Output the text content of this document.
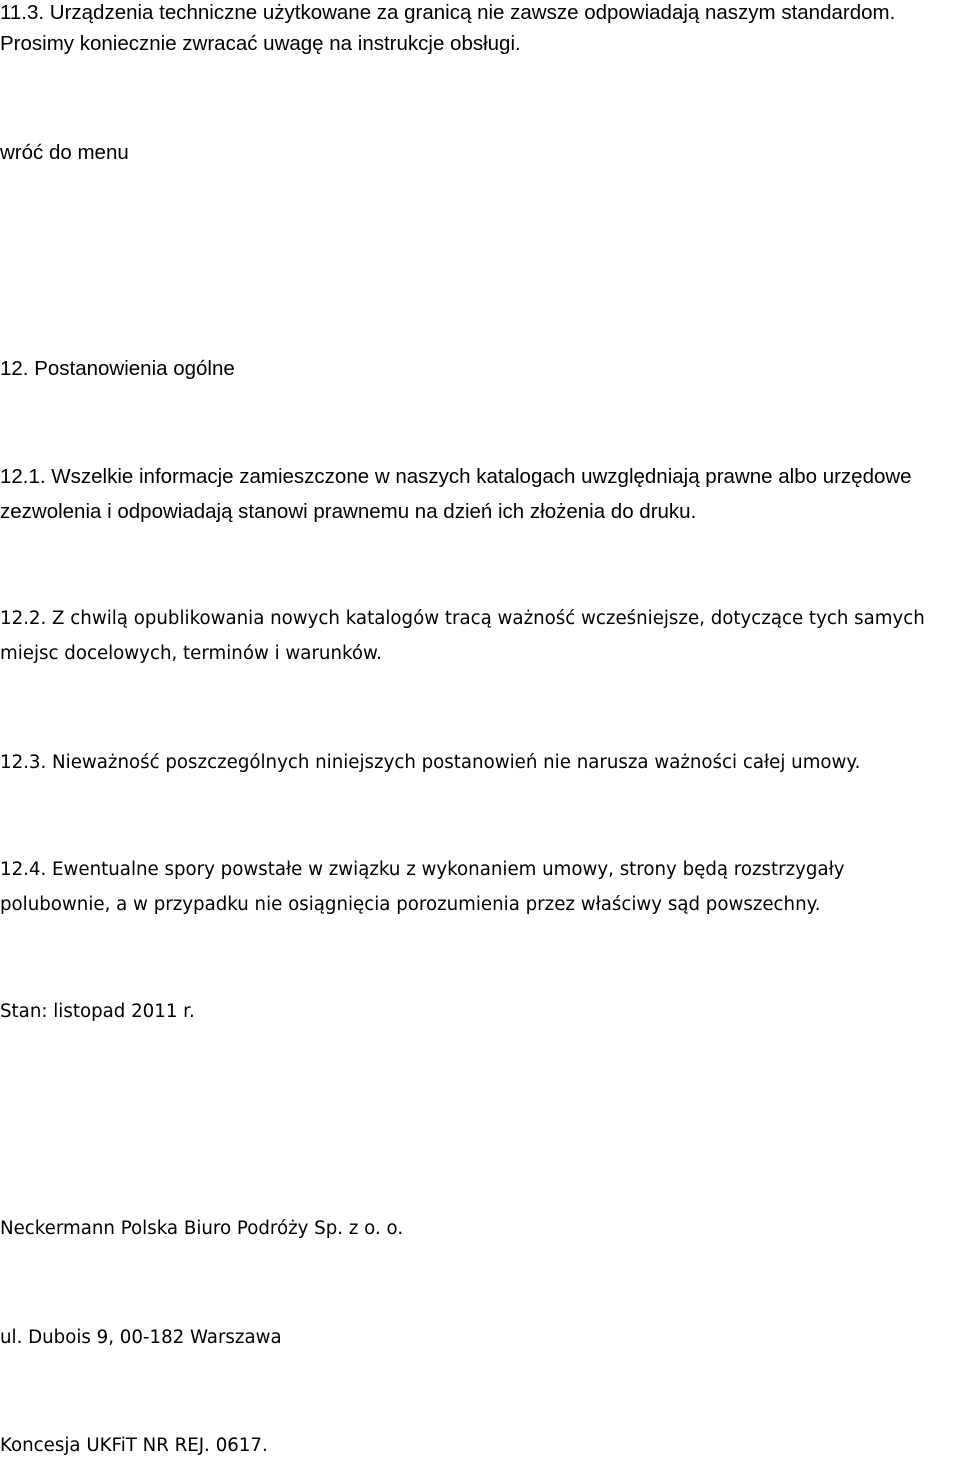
11.3. Urządzenia techniczne użytkowane za granicą nie zawsze odpowiadają naszym standardom.

Prosimy koniecznie zwracać uwagę na instrukcje obsługi.

wróć do menu

12. Postanowienia ogólne

12.1. Wszelkie informacje zamieszczone w naszych katalogach uwzględniają prawne albo urzędowe

zezwolenia i odpowiadają stanowi prawnemu na dzień ich złożenia do druku.

12.2. Z chwilą opublikowania nowych katalogów tracą ważność wcześniejsze, dotyczące tych samych

miejsc docelowych, terminów i warunków.

12.3. Nieważność poszczególnych niniejszych postanowień nie narusza ważności całej umowy.

12.4. Ewentualne spory powstałe w związku z wykonaniem umowy, strony będą rozstrzygały

polubownie, a w przypadku nie osiągnięcia porozumienia przez właściwy sąd powszechny.

Stan: listopad 2011 r.

Neckermann Polska Biuro Podróży Sp. z o. o.

ul. Dubois 9, 00-182 Warszawa

Koncesja UKFiT NR REJ. 0617.
